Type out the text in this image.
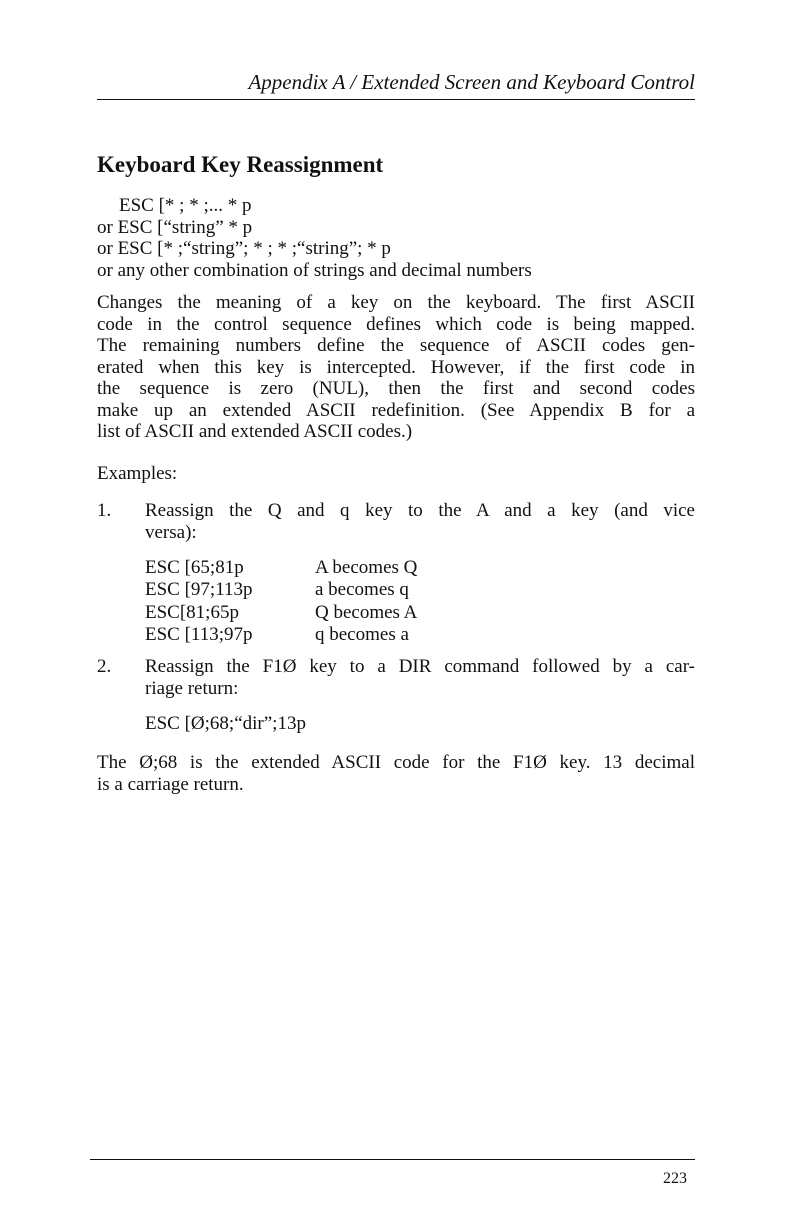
Appendix A / Extended Screen and Keyboard Control
Keyboard Key Reassignment
ESC [* ; * ;... * p
or ESC [“string” * p
or ESC [* ;“string”; * ; * ;“string”; * p
or any other combination of strings and decimal numbers
Changes the meaning of a key on the keyboard. The first ASCII
code in the control sequence defines which code is being mapped.
The remaining numbers define the sequence of ASCII codes gen-
erated when this key is intercepted. However, if the first code in
the sequence is zero (NUL), then the first and second codes
make up an extended ASCII redefinition. (See Appendix B for a
list of ASCII and extended ASCII codes.)
Examples:
1. Reassign the Q and q key to the A and a key (and vice
versa):
ESC [65;81p	A becomes Q
ESC [97;113p	a becomes q
ESC[81;65p	Q becomes A
ESC [113;97p	q becomes a
2. Reassign the F1Ø key to a DIR command followed by a car-
riage return:
ESC [Ø;68;“dir”;13p
The Ø;68 is the extended ASCII code for the F1Ø key. 13 decimal
is a carriage return.
223
